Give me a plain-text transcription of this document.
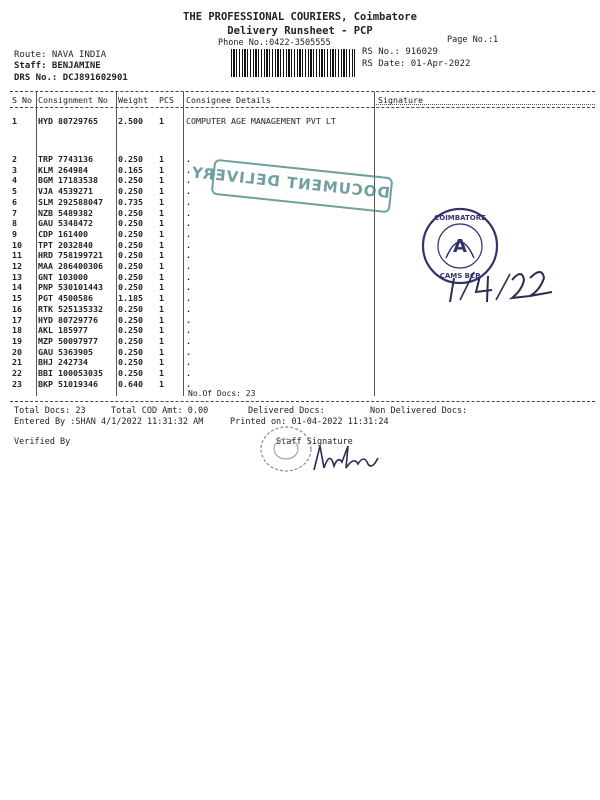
THE PROFESSIONAL COURIERS, Coimbatore
Delivery Runsheet - PCP
Phone No.:0422-3505555	Page No.:1
Route: NAVA INDIA
Staff: BENJAMINE
DRS No.: DCJ891602901
RS No.: 916029
RS Date: 01-Apr-2022
S No Consignment No Weight PCS Consignee Details	Signature
1	HYD 80729765 2.500 1	COMPUTER AGE MANAGEMENT PVT LT
2	TRP 7743136	0.250 1	.
3	KLM 264984	0.165 1	.
4	BGM 17183538 0.250 1	.
5	VJA 4539271	0.250 1	.
6	SLM 292588047 0.735 1	.
7	NZB 5489382	0.250 1	.
8	GAU 5348472	0.250 1	.
9	CDP 161400	0.250 1	.
10 TPT 2032840	0.250 1	.
11 HRD 758199721 0.250 1	.
12 MAA 286400306 0.250 1	.
13 GNT 103000	0.250 1	.
14 PNP 530101443 0.250 1	.
15 PGT 4500586	1.185 1	.
16 RTK 525135332 0.250 1	.
17 HYD 80729776 0.250 1	.
18 AKL 185977	0.250 1	.
19 MZP 50097977 0.250 1	.
20 GAU 5363905	0.250 1	.
21 BHJ 242734	0.250 1	.
22 BBI 100053035 0.250 1	.
23 BKP 51019346 0.640 1	.
No.Of Docs: 23
Total Docs: 23	Total COD Amt: 0.00	Delivered Docs:	Non Delivered Docs:
Entered By :SHAN 4/1/2022 11:31:32 AM	Printed on: 01-04-2022 11:31:24
Verified By	Staff Signature
DOCUMENT DELIVERY
A
COIMBATORE
CAMS BCP
